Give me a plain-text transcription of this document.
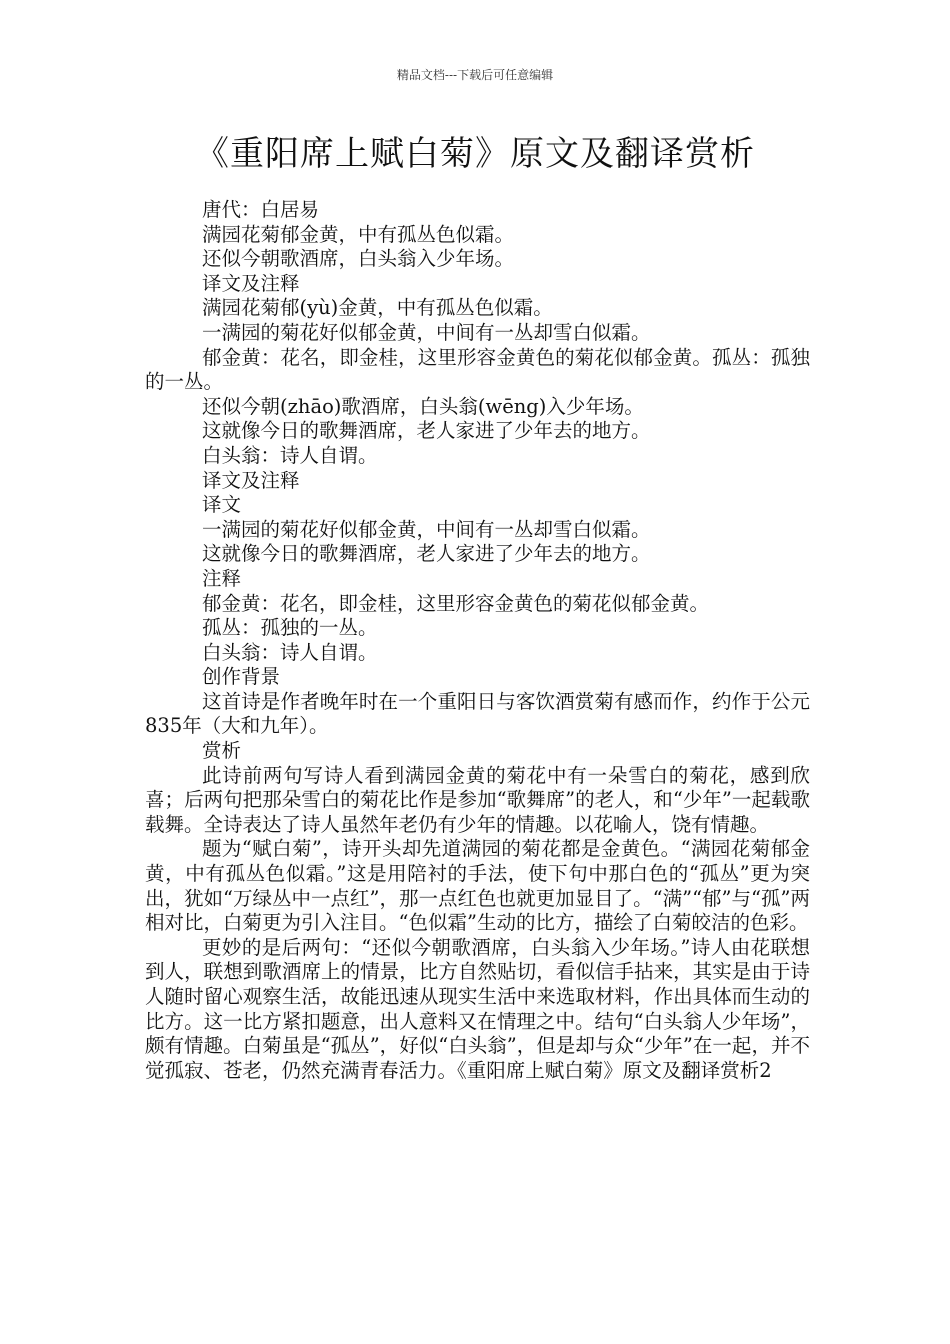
精品文档---下载后可任意编辑
《重阳席上赋白菊》原文及翻译赏析

唐代：白居易

满园花菊郁金黄，中有孤丛色似霜。

还似今朝歌酒席，白头翁入少年场。

译文及注释

满园花菊郁(yù)金黄，中有孤丛色似霜。

一满园的菊花好似郁金黄，中间有一丛却雪白似霜。

郁金黄：花名，即金桂，这里形容金黄色的菊花似郁金黄。孤丛：孤独的一丛。

还似今朝(zhāo)歌酒席，白头翁(wēng)入少年场。

这就像今日的歌舞酒席，老人家进了少年去的地方。

白头翁：诗人自谓。

译文及注释

译文

一满园的菊花好似郁金黄，中间有一丛却雪白似霜。

这就像今日的歌舞酒席，老人家进了少年去的地方。

注释

郁金黄：花名，即金桂，这里形容金黄色的菊花似郁金黄。

孤丛：孤独的一丛。

白头翁：诗人自谓。

创作背景

这首诗是作者晚年时在一个重阳日与客饮酒赏菊有感而作，约作于公元835年（大和九年）。

赏析

此诗前两句写诗人看到满园金黄的菊花中有一朵雪白的菊花，感到欣喜；后两句把那朵雪白的菊花比作是参加“歌舞席”的老人，和“少年”一起载歌载舞。全诗表达了诗人虽然年老仍有少年的情趣。以花喻人，饶有情趣。

题为“赋白菊”，诗开头却先道满园的菊花都是金黄色。“满园花菊郁金黄，中有孤丛色似霜。”这是用陪衬的手法，使下句中那白色的“孤丛”更为突出，犹如“万绿丛中一点红”，那一点红色也就更加显目了。“满”“郁”与“孤”两相对比，白菊更为引入注目。“色似霜”生动的比方，描绘了白菊皎洁的色彩。

更妙的是后两句：“还似今朝歌酒席，白头翁入少年场。”诗人由花联想到人，联想到歌酒席上的情景，比方自然贴切，看似信手拈来，其实是由于诗人随时留心观察生活，故能迅速从现实生活中来选取材料，作出具体而生动的比方。这一比方紧扣题意，出人意料又在情理之中。结句“白头翁人少年场”，颇有情趣。白菊虽是“孤丛”，好似“白头翁”，但是却与众“少年”在一起，并不觉孤寂、苍老，仍然充满青春活力。《重阳席上赋白菊》原文及翻译赏析2
